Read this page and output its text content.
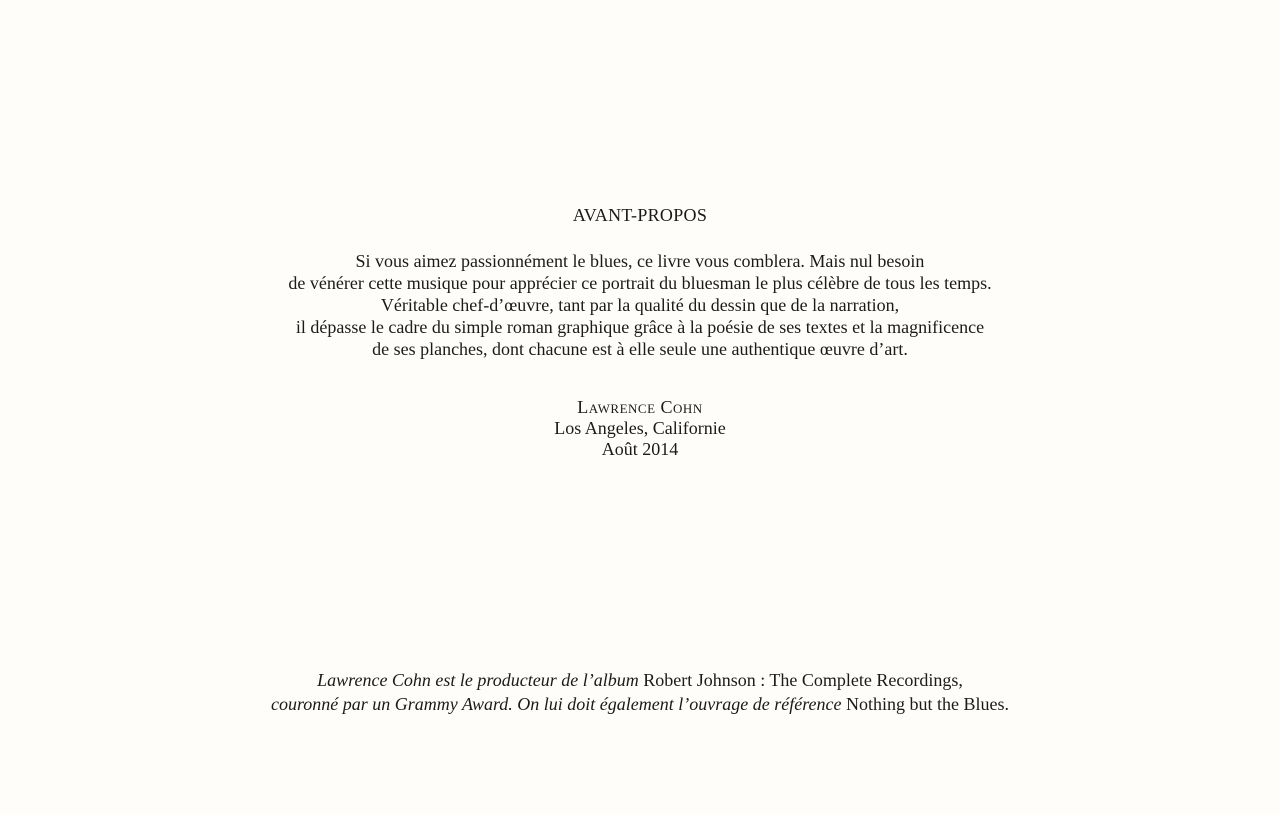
AVANT-PROPOS
Si vous aimez passionnément le blues, ce livre vous comblera. Mais nul besoin
de vénérer cette musique pour apprécier ce portrait du bluesman le plus célèbre de tous les temps.
Véritable chef-d’œuvre, tant par la qualité du dessin que de la narration,
il dépasse le cadre du simple roman graphique grâce à la poésie de ses textes et la magnificence
de ses planches, dont chacune est à elle seule une authentique œuvre d’art.
Lawrence Cohn
Los Angeles, Californie
Août 2014
Lawrence Cohn est le producteur de l’album Robert Johnson : The Complete Recordings,
couronné par un Grammy Award. On lui doit également l’ouvrage de référence Nothing but the Blues.
